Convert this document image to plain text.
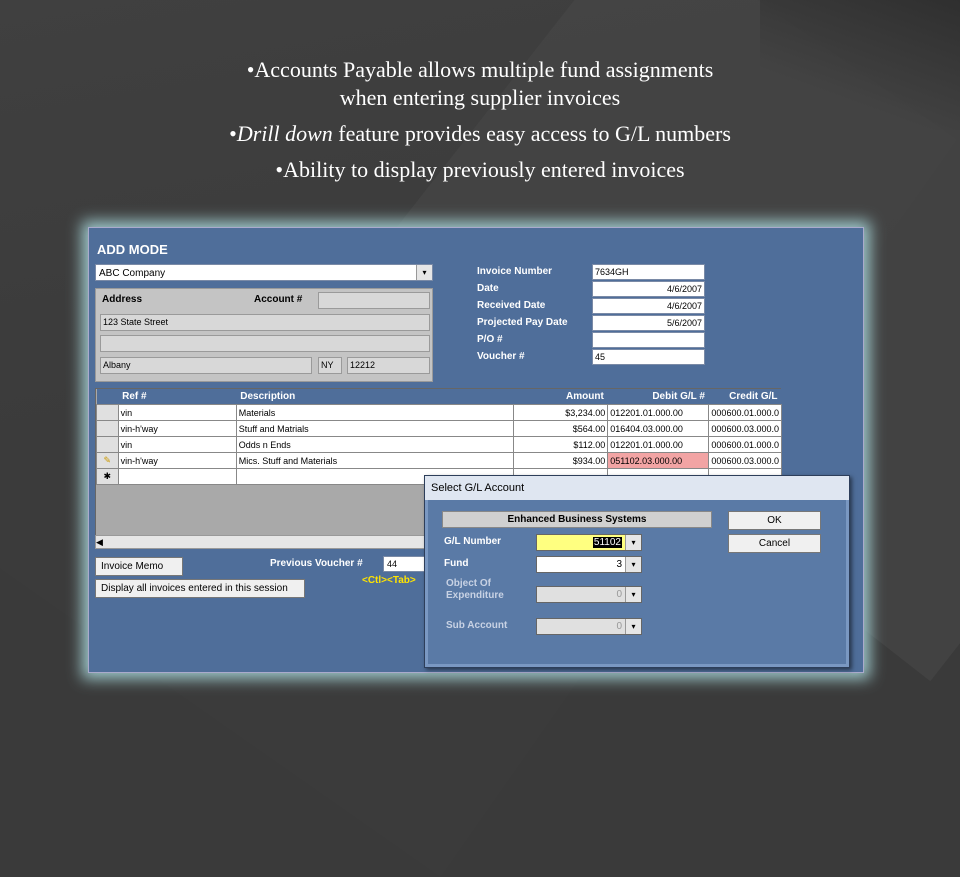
•Accounts Payable allows multiple fund assignments
when entering supplier invoices

•Drill down feature provides easy access to G/L numbers

•Ability to display previously entered invoices

ADD MODE
ABC Company	▾
Address	Account #
123 State Street
Albany	NY	12212
Invoice Number	7634GH
Date	4/6/2007
Received Date	4/6/2007
Projected Pay Date	5/6/2007
P/O #
Voucher #	45
	Ref #	Description	Amount	Debit G/L #	Credit G/L
	vin	Materials	$3,234.00	012201.01.000.00	000600.01.000.0
	vin-h'way	Stuff and Matrials	$564.00	016404.03.000.00	000600.03.000.0
	vin	Odds n Ends	$112.00	012201.01.000.00	000600.01.000.0
✎	vin-h'way	Mics. Stuff and Materials	$934.00	051102.03.000.00	000600.03.000.0
✱					
◀
Invoice Memo
Display all invoices entered in this session
Previous Voucher #	44
<Ctl><Tab>
Select G/L Account
Enhanced Business Systems
G/L Number	51102	▾
Fund	3	▾
Object Of
Expenditure	0	▾
Sub Account	0	▾
OK
Cancel
